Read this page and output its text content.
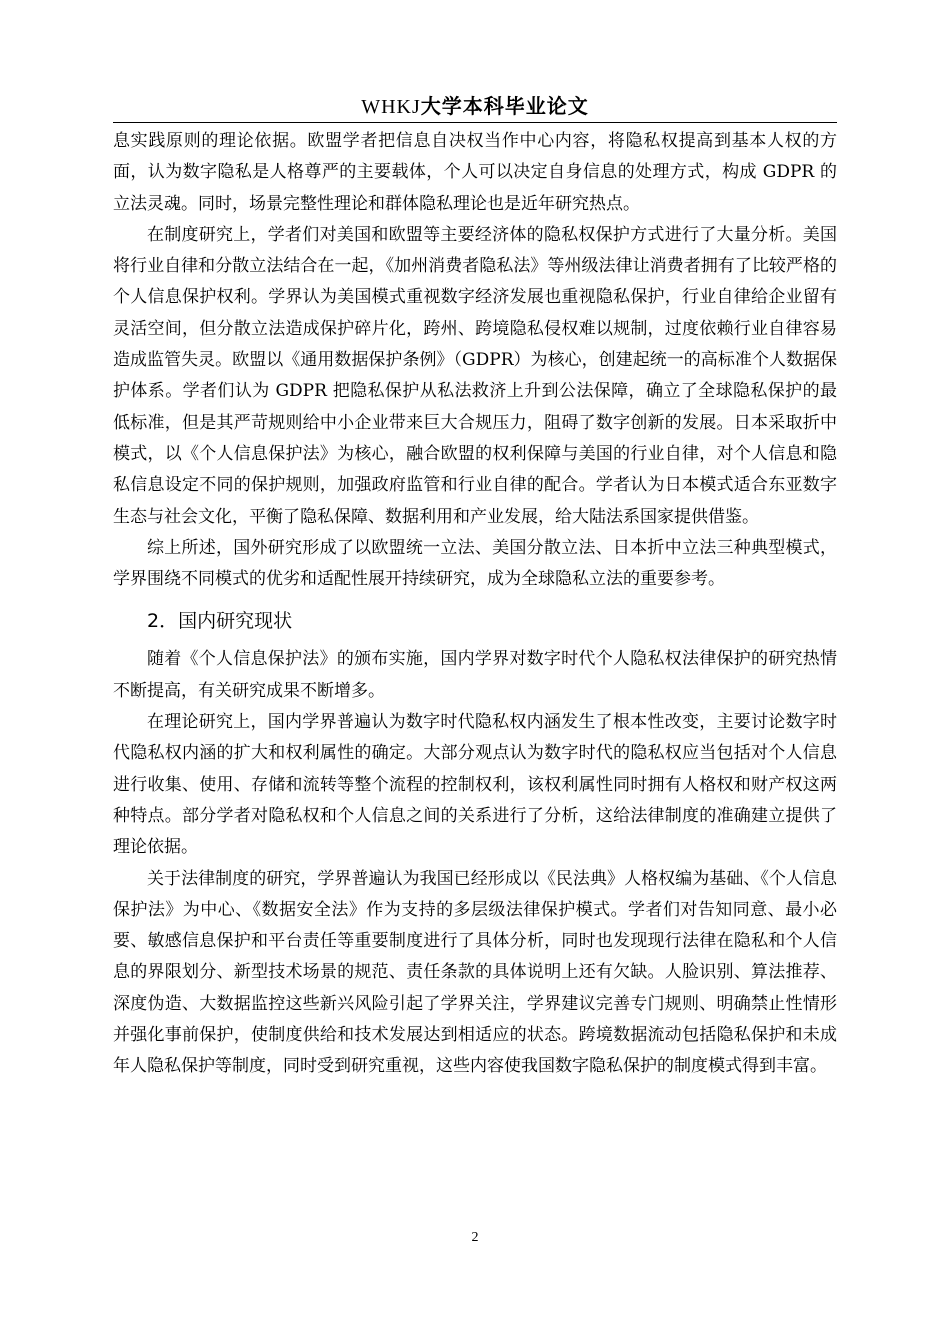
WHKJ大学本科毕业论文

息实践原则的理论依据。欧盟学者把信息自决权当作中心内容，将隐私权提高到基本人权的方面，认为数字隐私是人格尊严的主要载体，个人可以决定自身信息的处理方式，构成 GDPR 的立法灵魂。同时，场景完整性理论和群体隐私理论也是近年研究热点。

在制度研究上，学者们对美国和欧盟等主要经济体的隐私权保护方式进行了大量分析。美国将行业自律和分散立法结合在一起，《加州消费者隐私法》等州级法律让消费者拥有了比较严格的个人信息保护权利。学界认为美国模式重视数字经济发展也重视隐私保护，行业自律给企业留有灵活空间，但分散立法造成保护碎片化，跨州、跨境隐私侵权难以规制，过度依赖行业自律容易造成监管失灵。欧盟以《通用数据保护条例》（GDPR）为核心，创建起统一的高标准个人数据保护体系。学者们认为 GDPR 把隐私保护从私法救济上升到公法保障，确立了全球隐私保护的最低标准，但是其严苛规则给中小企业带来巨大合规压力，阻碍了数字创新的发展。日本采取折中模式，以《个人信息保护法》为核心，融合欧盟的权利保障与美国的行业自律，对个人信息和隐私信息设定不同的保护规则，加强政府监管和行业自律的配合。学者认为日本模式适合东亚数字生态与社会文化，平衡了隐私保障、数据利用和产业发展，给大陆法系国家提供借鉴。

综上所述，国外研究形成了以欧盟统一立法、美国分散立法、日本折中立法三种典型模式，学界围绕不同模式的优劣和适配性展开持续研究，成为全球隐私立法的重要参考。

2．国内研究现状

随着《个人信息保护法》的颁布实施，国内学界对数字时代个人隐私权法律保护的研究热情不断提高，有关研究成果不断增多。

在理论研究上，国内学界普遍认为数字时代隐私权内涵发生了根本性改变，主要讨论数字时代隐私权内涵的扩大和权利属性的确定。大部分观点认为数字时代的隐私权应当包括对个人信息进行收集、使用、存储和流转等整个流程的控制权利，该权利属性同时拥有人格权和财产权这两种特点。部分学者对隐私权和个人信息之间的关系进行了分析，这给法律制度的准确建立提供了理论依据。

关于法律制度的研究，学界普遍认为我国已经形成以《民法典》人格权编为基础、《个人信息保护法》为中心、《数据安全法》作为支持的多层级法律保护模式。学者们对告知同意、最小必要、敏感信息保护和平台责任等重要制度进行了具体分析，同时也发现现行法律在隐私和个人信息的界限划分、新型技术场景的规范、责任条款的具体说明上还有欠缺。人脸识别、算法推荐、深度伪造、大数据监控这些新兴风险引起了学界关注，学界建议完善专门规则、明确禁止性情形并强化事前保护，使制度供给和技术发展达到相适应的状态。跨境数据流动包括隐私保护和未成年人隐私保护等制度，同时受到研究重视，这些内容使我国数字隐私保护的制度模式得到丰富。

2
